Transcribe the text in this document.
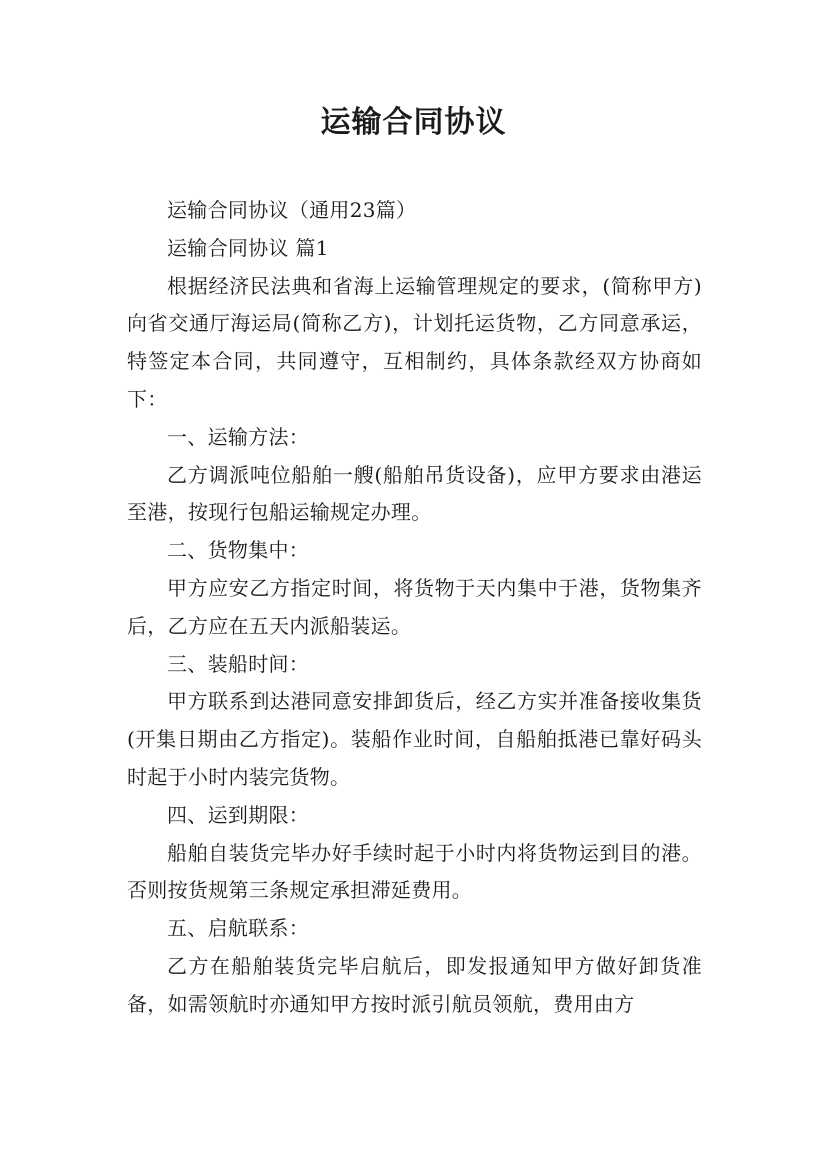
运输合同协议

运输合同协议（通用23篇）

运输合同协议 篇1

根据经济民法典和省海上运输管理规定的要求，(简称甲方)向省交通厅海运局(简称乙方)，计划托运货物，乙方同意承运，特签定本合同，共同遵守，互相制约，具体条款经双方协商如下：

一、运输方法：

乙方调派吨位船舶一艘(船舶吊货设备)，应甲方要求由港运至港，按现行包船运输规定办理。

二、货物集中：

甲方应安乙方指定时间，将货物于天内集中于港，货物集齐后，乙方应在五天内派船装运。

三、装船时间：

甲方联系到达港同意安排卸货后，经乙方实并准备接收集货(开集日期由乙方指定)。装船作业时间，自船舶抵港已靠好码头时起于小时内装完货物。

四、运到期限：

船舶自装货完毕办好手续时起于小时内将货物运到目的港。否则按货规第三条规定承担滞延费用。

五、启航联系：

乙方在船舶装货完毕启航后，即发报通知甲方做好卸货准备，如需领航时亦通知甲方按时派引航员领航，费用由方
